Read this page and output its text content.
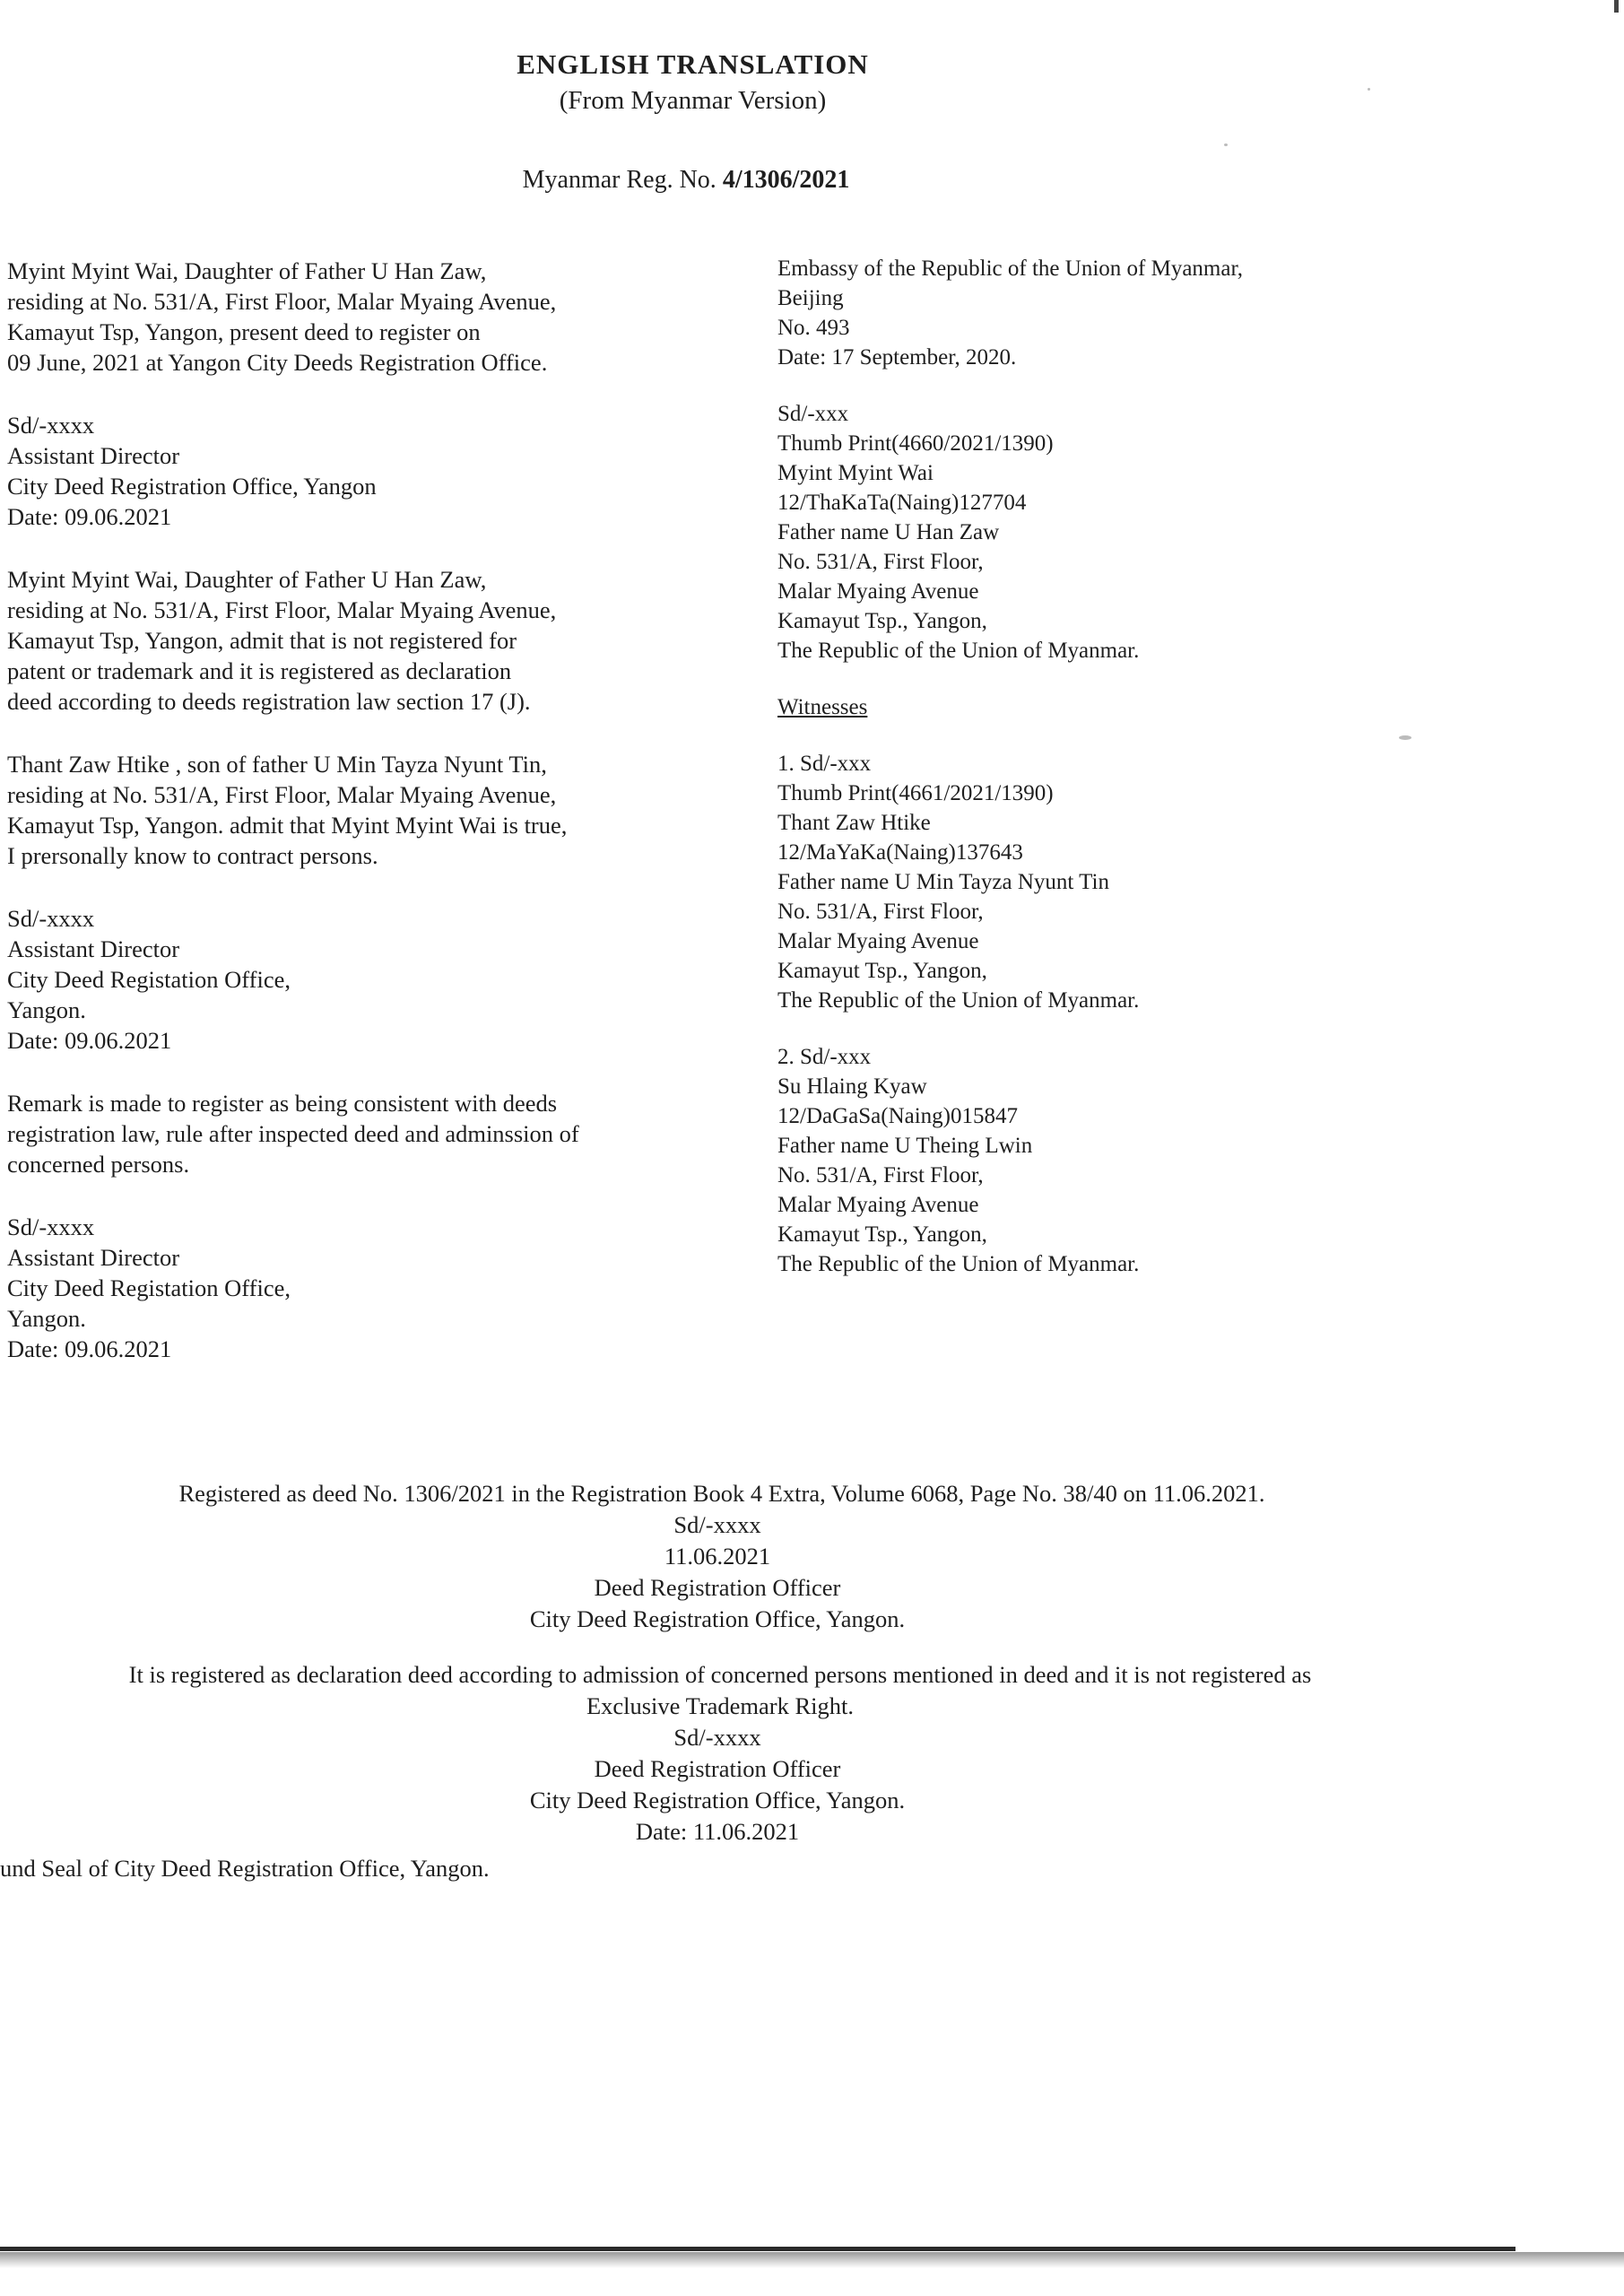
ENGLISH TRANSLATION
(From Myanmar Version)
Myanmar Reg. No. 4/1306/2021
Myint Myint Wai, Daughter of Father U Han Zaw,
residing at No. 531/A, First Floor, Malar Myaing Avenue,
Kamayut Tsp, Yangon, present deed to register on
09 June, 2021 at Yangon City Deeds Registration Office.
Sd/-xxxx
Assistant Director
City Deed Registration Office, Yangon
Date: 09.06.2021
Myint Myint Wai, Daughter of Father U Han Zaw,
residing at No. 531/A, First Floor, Malar Myaing Avenue,
Kamayut Tsp, Yangon, admit that is not registered for
patent or trademark and it is registered as declaration
deed according to deeds registration law section 17 (J).
Thant Zaw Htike , son of father U Min Tayza Nyunt Tin,
residing at No. 531/A, First Floor, Malar Myaing Avenue,
Kamayut Tsp, Yangon. admit that Myint Myint Wai is true,
I prersonally know to contract persons.
Sd/-xxxx
Assistant Director
City Deed Registation Office,
Yangon.
Date: 09.06.2021
Remark is made to register as being consistent with deeds
registration law, rule after inspected deed and adminssion of
concerned persons.
Sd/-xxxx
Assistant Director
City Deed Registation Office,
Yangon.
Date: 09.06.2021
Embassy of the Republic of the Union of Myanmar,
Beijing
No. 493
Date: 17 September, 2020.
Sd/-xxx
Thumb Print(4660/2021/1390)
Myint Myint Wai
12/ThaKaTa(Naing)127704
Father name U Han Zaw
No. 531/A, First Floor,
Malar Myaing Avenue
Kamayut Tsp., Yangon,
The Republic of the Union of Myanmar.
Witnesses
1. Sd/-xxx
Thumb Print(4661/2021/1390)
Thant Zaw Htike
12/MaYaKa(Naing)137643
Father name U Min Tayza Nyunt Tin
No. 531/A, First Floor,
Malar Myaing Avenue
Kamayut Tsp., Yangon,
The Republic of the Union of Myanmar.
2. Sd/-xxx
Su Hlaing Kyaw
12/DaGaSa(Naing)015847
Father name U Theing Lwin
No. 531/A, First Floor,
Malar Myaing Avenue
Kamayut Tsp., Yangon,
The Republic of the Union of Myanmar.
Registered as deed No. 1306/2021 in the Registration Book 4 Extra, Volume 6068, Page No. 38/40 on 11.06.2021.
Sd/-xxxx
11.06.2021
Deed Registration Officer
City Deed Registration Office, Yangon.
It is registered as declaration deed according to admission of concerned persons mentioned in deed and it is not registered as
Exclusive Trademark Right.
Sd/-xxxx
Deed Registration Officer
City Deed Registration Office, Yangon.
Date: 11.06.2021
und Seal of City Deed Registration Office, Yangon.
